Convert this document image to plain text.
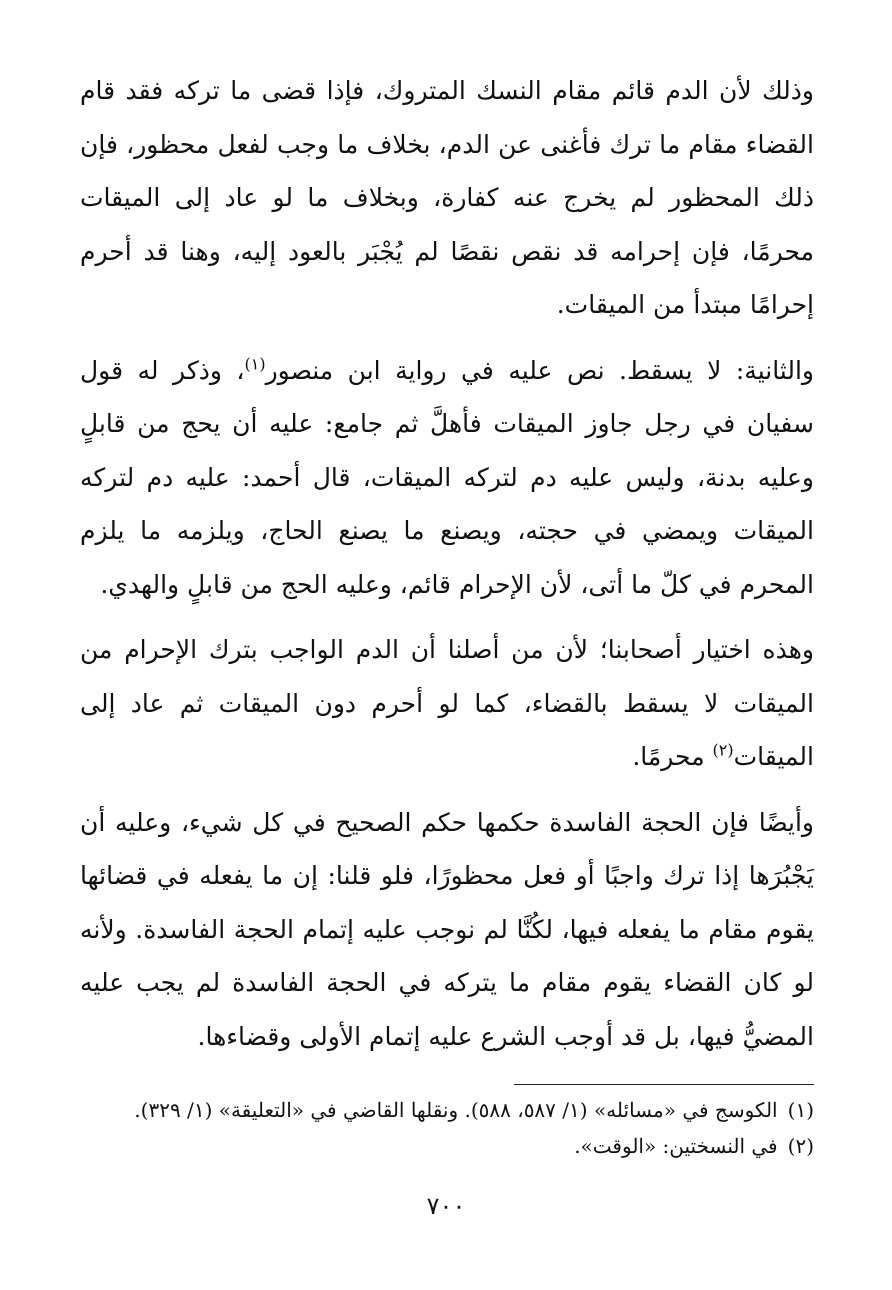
وذلك لأن الدم قائم مقام النسك المتروك، فإذا قضى ما تركه فقد قام القضاء مقام ما ترك فأغنى عن الدم، بخلاف ما وجب لفعل محظور، فإن ذلك المحظور لم يخرج عنه كفارة، وبخلاف ما لو عاد إلى الميقات محرمًا، فإن إحرامه قد نقص نقصًا لم يُجْبَر بالعود إليه، وهنا قد أحرم إحرامًا مبتدأ من الميقات.

والثانية: لا يسقط. نص عليه في رواية ابن منصور$^{(١)}$، وذكر له قول سفيان في رجل جاوز الميقات فأهلَّ ثم جامع: عليه أن يحج من قابلٍ وعليه بدنة، وليس عليه دم لتركه الميقات، قال أحمد: عليه دم لتركه الميقات ويمضي في حجته، ويصنع ما يصنع الحاج، ويلزمه ما يلزم المحرم في كلّ ما أتى، لأن الإحرام قائم، وعليه الحج من قابلٍ والهدي.

وهذه اختيار أصحابنا؛ لأن من أصلنا أن الدم الواجب بترك الإحرام من الميقات لا يسقط بالقضاء، كما لو أحرم دون الميقات ثم عاد إلى الميقات$^{(٢)}$ محرمًا.

وأيضًا فإن الحجة الفاسدة حكمها حكم الصحيح في كل شيء، وعليه أن يَجْبُرَها إذا ترك واجبًا أو فعل محظورًا، فلو قلنا: إن ما يفعله في قضائها يقوم مقام ما يفعله فيها، لكُنَّا لم نوجب عليه إتمام الحجة الفاسدة. ولأنه لو كان القضاء يقوم مقام ما يتركه في الحجة الفاسدة لم يجب عليه المضيُّ فيها، بل قد أوجب الشرع عليه إتمام الأولى وقضاءها.

(١)الكوسج في «مسائله» (١/ ٥٨٧، ٥٨٨). ونقلها القاضي في «التعليقة» (١/ ٣٢٩).

(٢)في النسختين: «الوقت».

٧٠٠
